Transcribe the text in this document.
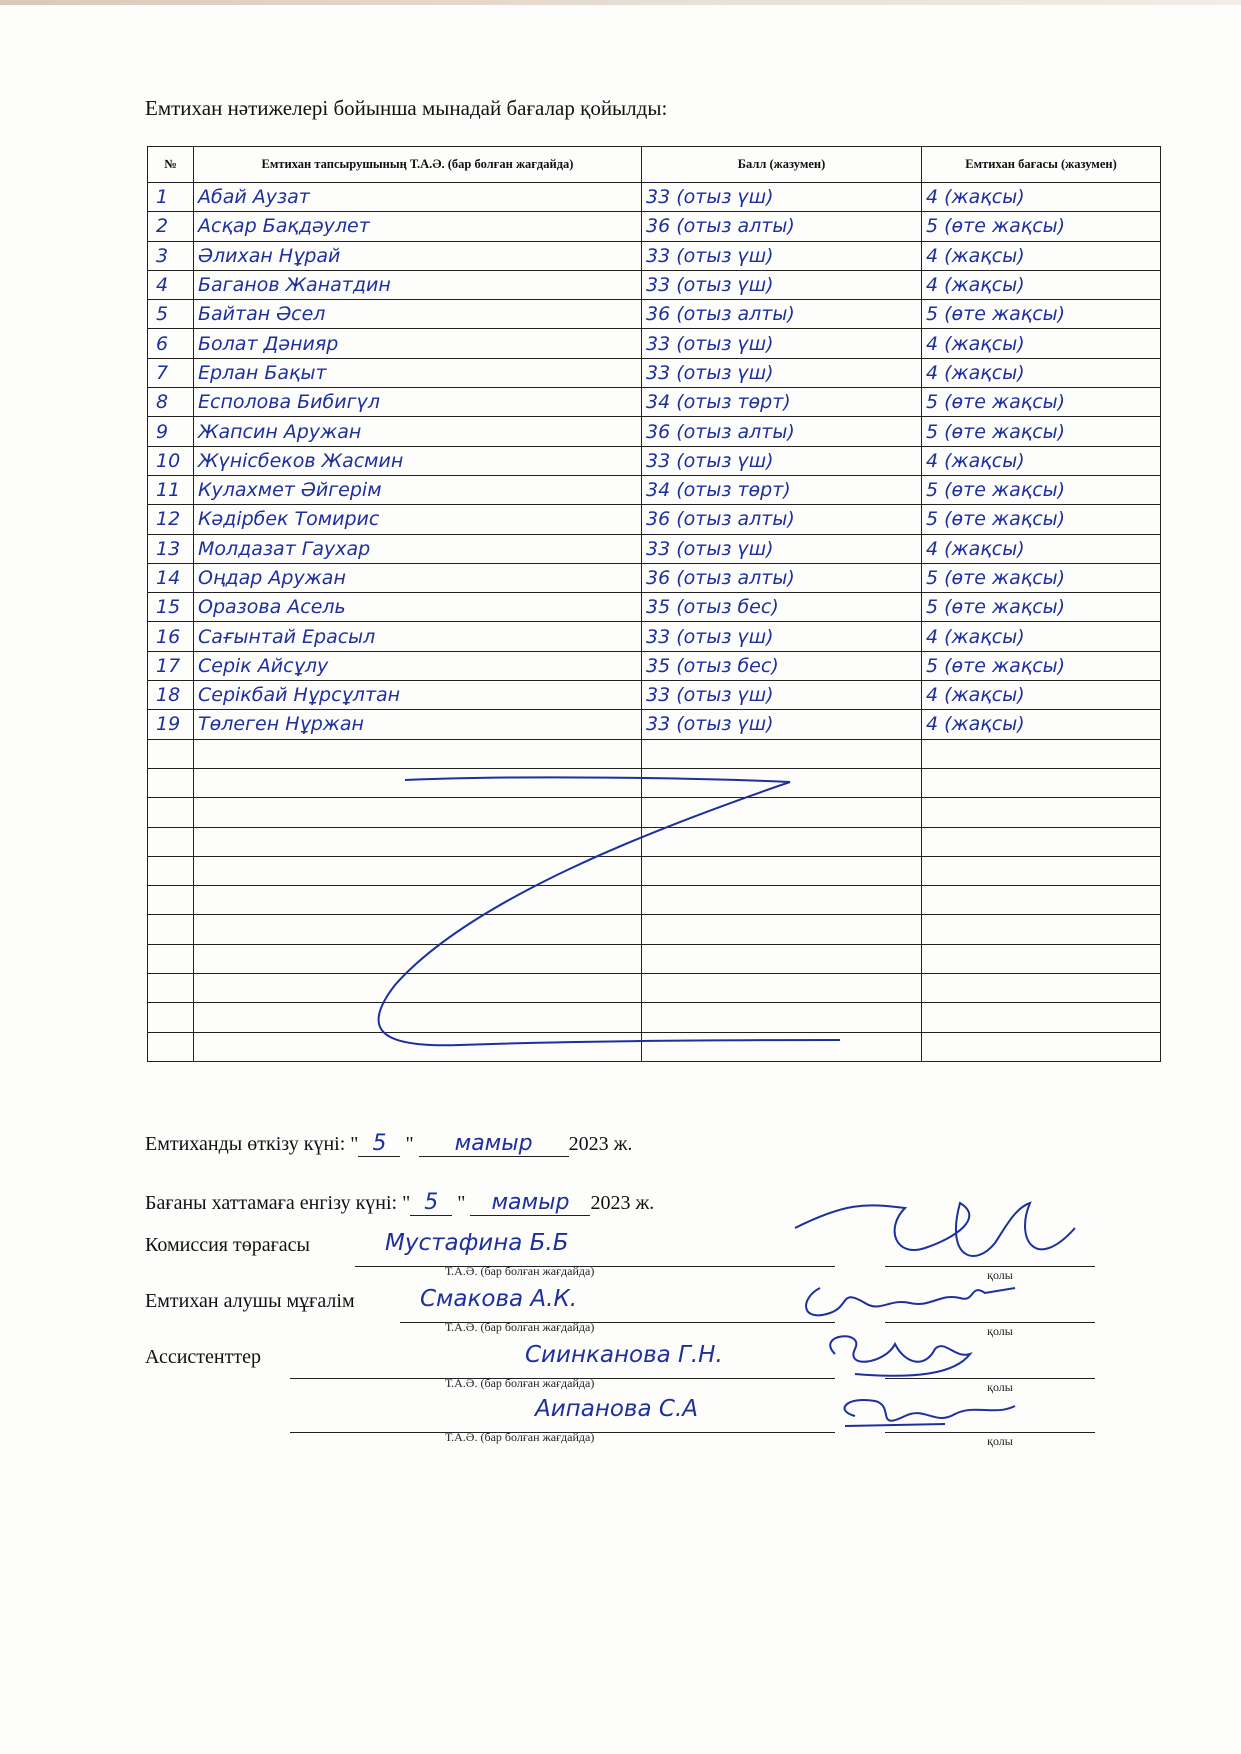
Емтихан нәтижелері бойынша мынадай бағалар қойылды:
№	Емтихан тапсырушының Т.А.Ә. (бар болған жағдайда)	Балл (жазумен)	Емтихан бағасы (жазумен)
1	Абай Аузат	33 (отыз үш)	4 (жақсы)
2	Асқар Бақдәулет	36 (отыз алты)	5 (өте жақсы)
3	Әлихан Нұрай	33 (отыз үш)	4 (жақсы)
4	Баганов Жанатдин	33 (отыз үш)	4 (жақсы)
5	Байтан Әсел	36 (отыз алты)	5 (өте жақсы)
6	Болат Дәнияр	33 (отыз үш)	4 (жақсы)
7	Ерлан Бақыт	33 (отыз үш)	4 (жақсы)
8	Есполова Бибигүл	34 (отыз төрт)	5 (өте жақсы)
9	Жапсин Аружан	36 (отыз алты)	5 (өте жақсы)
10	Жүнісбеков Жасмин	33 (отыз үш)	4 (жақсы)
11	Кулахмет Әйгерім	34 (отыз төрт)	5 (өте жақсы)
12	Кәдірбек Томирис	36 (отыз алты)	5 (өте жақсы)
13	Молдазат Гаухар	33 (отыз үш)	4 (жақсы)
14	Оңдар Аружан	36 (отыз алты)	5 (өте жақсы)
15	Оразова Асель	35 (отыз бес)	5 (өте жақсы)
16	Сағынтай Ерасыл	33 (отыз үш)	4 (жақсы)
17	Серік Айсұлу	35 (отыз бес)	5 (өте жақсы)
18	Серікбай Нұрсұлтан	33 (отыз үш)	4 (жақсы)
19	Төлеген Нұржан	33 (отыз үш)	4 (жақсы)

Емтиханды өткізу күні: " 5 " мамыр 2023 ж.
Бағаны хаттамаға енгізу күні: " 5 " мамыр 2023 ж.
Комиссия төрағасы	Мустафина Б.Б
Т.А.Ә. (бар болған жағдайда)	қолы
Емтихан алушы мұғалім	Смакова А.К.
Т.А.Ә. (бар болған жағдайда)	қолы
Ассистенттер	Сиинканова Г.Н.
Т.А.Ә. (бар болған жағдайда)	қолы
Аипанова С.А
Т.А.Ә. (бар болған жағдайда)	қолы
